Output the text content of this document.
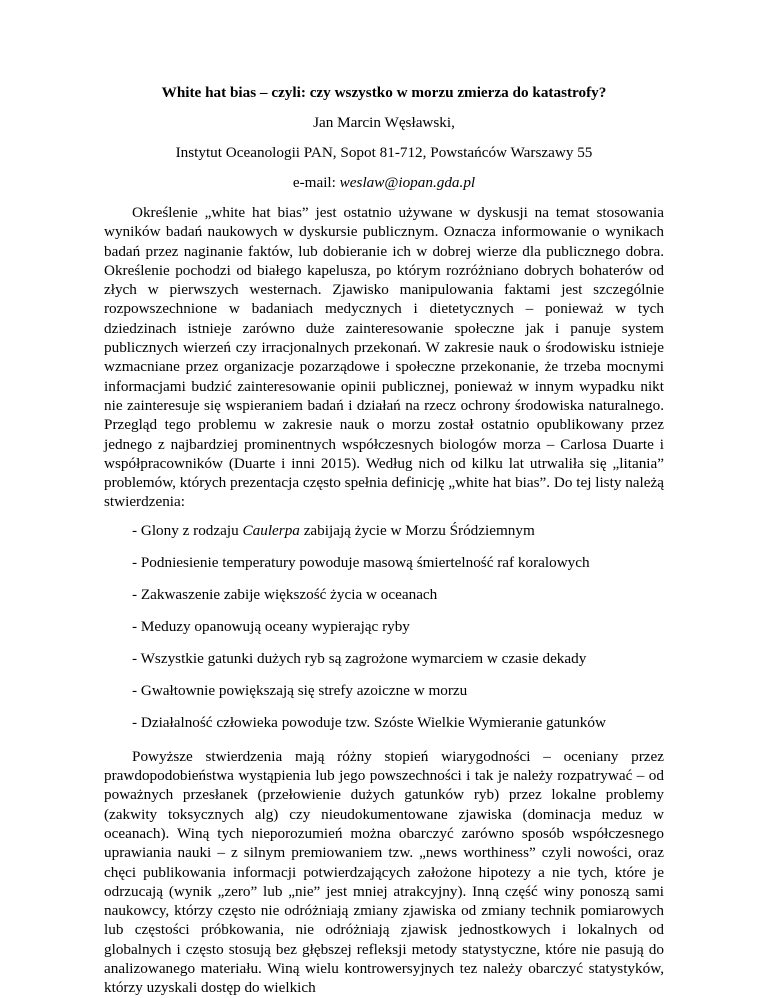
White hat bias – czyli: czy wszystko w morzu zmierza do katastrofy?
Jan Marcin Węsławski,
Instytut Oceanologii PAN, Sopot 81-712, Powstańców Warszawy 55
e-mail: weslaw@iopan.gda.pl

Określenie „white hat bias” jest ostatnio używane w dyskusji na temat stosowania wyników badań naukowych w dyskursie publicznym. Oznacza informowanie o wynikach badań przez naginanie faktów, lub dobieranie ich w dobrej wierze dla publicznego dobra. Określenie pochodzi od białego kapelusza, po którym rozróżniano dobrych bohaterów od złych w pierwszych westernach. Zjawisko manipulowania faktami jest szczególnie rozpowszechnione w badaniach medycznych i dietetycznych – ponieważ w tych dziedzinach istnieje zarówno duże zainteresowanie społeczne jak i panuje system publicznych wierzeń czy irracjonalnych przekonań. W zakresie nauk o środowisku istnieje wzmacniane przez organizacje pozarządowe i społeczne przekonanie, że trzeba mocnymi informacjami budzić zainteresowanie opinii publicznej, ponieważ w innym wypadku nikt nie zainteresuje się wspieraniem badań i działań na rzecz ochrony środowiska naturalnego. Przegląd tego problemu w zakresie nauk o morzu został ostatnio opublikowany przez jednego z najbardziej prominentnych współczesnych biologów morza – Carlosa Duarte i współpracowników (Duarte i inni 2015). Według nich od kilku lat utrwaliła się „litania” problemów, których prezentacja często spełnia definicję „white hat bias”. Do tej listy należą stwierdzenia:

- Glony z rodzaju Caulerpa zabijają życie w Morzu Śródziemnym
- Podniesienie temperatury powoduje masową śmiertelność raf koralowych
- Zakwaszenie zabije większość życia w oceanach
- Meduzy opanowują oceany wypierając ryby
- Wszystkie gatunki dużych ryb są zagrożone wymarciem w czasie dekady
- Gwałtownie powiększają się strefy azoiczne w morzu
- Działalność człowieka powoduje tzw. Szóste Wielkie Wymieranie gatunków

Powyższe stwierdzenia mają różny stopień wiarygodności – oceniany przez prawdopodobieństwa wystąpienia lub jego powszechności i tak je należy rozpatrywać – od poważnych przesłanek (przełowienie dużych gatunków ryb) przez lokalne problemy (zakwity toksycznych alg) czy nieudokumentowane zjawiska (dominacja meduz w oceanach). Winą tych nieporozumień można obarczyć zarówno sposób współczesnego uprawiania nauki – z silnym premiowaniem tzw. „news worthiness” czyli nowości, oraz chęci publikowania informacji potwierdzających założone hipotezy a nie tych, które je odrzucają (wynik „zero” lub „nie” jest mniej atrakcyjny). Inną część winy ponoszą sami naukowcy, którzy często nie odróżniają zmiany zjawiska od zmiany technik pomiarowych lub częstości próbkowania, nie odróżniają zjawisk jednostkowych i lokalnych od globalnych i często stosują bez głębszej refleksji metody statystyczne, które nie pasują do analizowanego materiału. Winą wielu kontrowersyjnych tez należy obarczyć statystyków, którzy uzyskali dostęp do wielkich
